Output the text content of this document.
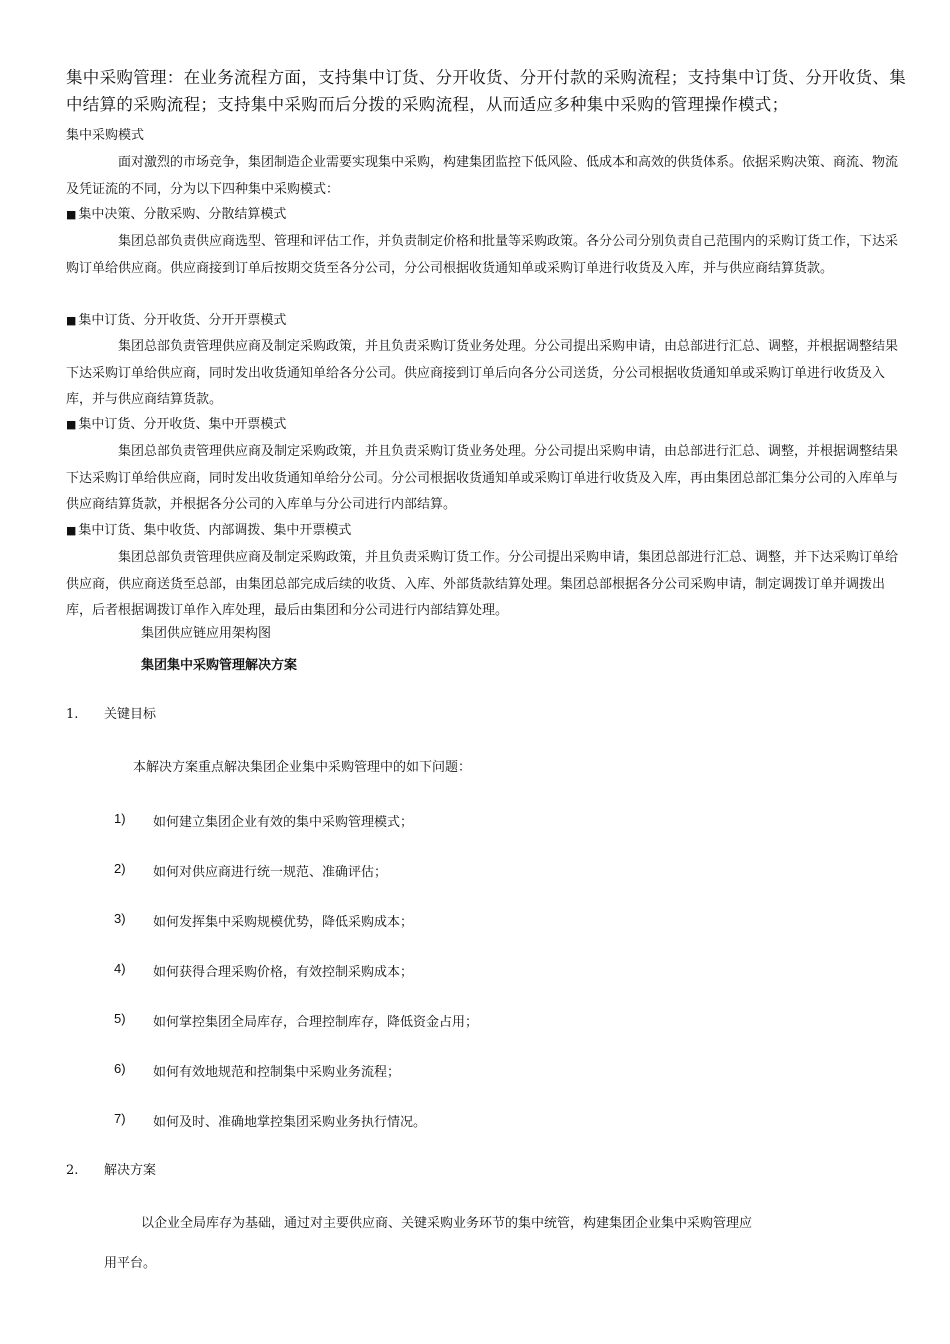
集中采购管理：在业务流程方面，支持集中订货、分开收货、分开付款的采购流程；支持集中订货、分开收货、集中结算的采购流程；支持集中采购而后分拨的采购流程，从而适应多种集中采购的管理操作模式；
集中采购模式
面对激烈的市场竞争，集团制造企业需要实现集中采购，构建集团监控下低风险、低成本和高效的供货体系。依据采购决策、商流、物流及凭证流的不同，分为以下四种集中采购模式：
■ 集中决策、分散采购、分散结算模式
集团总部负责供应商选型、管理和评估工作，并负责制定价格和批量等采购政策。各分公司分别负责自己范围内的采购订货工作，下达采购订单给供应商。供应商接到订单后按期交货至各分公司，分公司根据收货通知单或采购订单进行收货及入库，并与供应商结算货款。
■ 集中订货、分开收货、分开开票模式
集团总部负责管理供应商及制定采购政策，并且负责采购订货业务处理。分公司提出采购申请，由总部进行汇总、调整，并根据调整结果下达采购订单给供应商，同时发出收货通知单给各分公司。供应商接到订单后向各分公司送货，分公司根据收货通知单或采购订单进行收货及入库，并与供应商结算货款。
■ 集中订货、分开收货、集中开票模式
集团总部负责管理供应商及制定采购政策，并且负责采购订货业务处理。分公司提出采购申请，由总部进行汇总、调整，并根据调整结果下达采购订单给供应商，同时发出收货通知单给分公司。分公司根据收货通知单或采购订单进行收货及入库，再由集团总部汇集分公司的入库单与供应商结算货款，并根据各分公司的入库单与分公司进行内部结算。
■ 集中订货、集中收货、内部调拨、集中开票模式
集团总部负责管理供应商及制定采购政策，并且负责采购订货工作。分公司提出采购申请，集团总部进行汇总、调整，并下达采购订单给供应商，供应商送货至总部，由集团总部完成后续的收货、入库、外部货款结算处理。集团总部根据各分公司采购申请，制定调拨订单并调拨出库，后者根据调拨订单作入库处理，最后由集团和分公司进行内部结算处理。
集团供应链应用架构图
集团集中采购管理解决方案
1. 关键目标
本解决方案重点解决集团企业集中采购管理中的如下问题：
1) 如何建立集团企业有效的集中采购管理模式；
2) 如何对供应商进行统一规范、准确评估；
3) 如何发挥集中采购规模优势，降低采购成本；
4) 如何获得合理采购价格，有效控制采购成本；
5) 如何掌控集团全局库存，合理控制库存，降低资金占用；
6) 如何有效地规范和控制集中采购业务流程；
7) 如何及时、准确地掌控集团采购业务执行情况。
2. 解决方案
以企业全局库存为基础，通过对主要供应商、关键采购业务环节的集中统管，构建集团企业集中采购管理应
用平台。
